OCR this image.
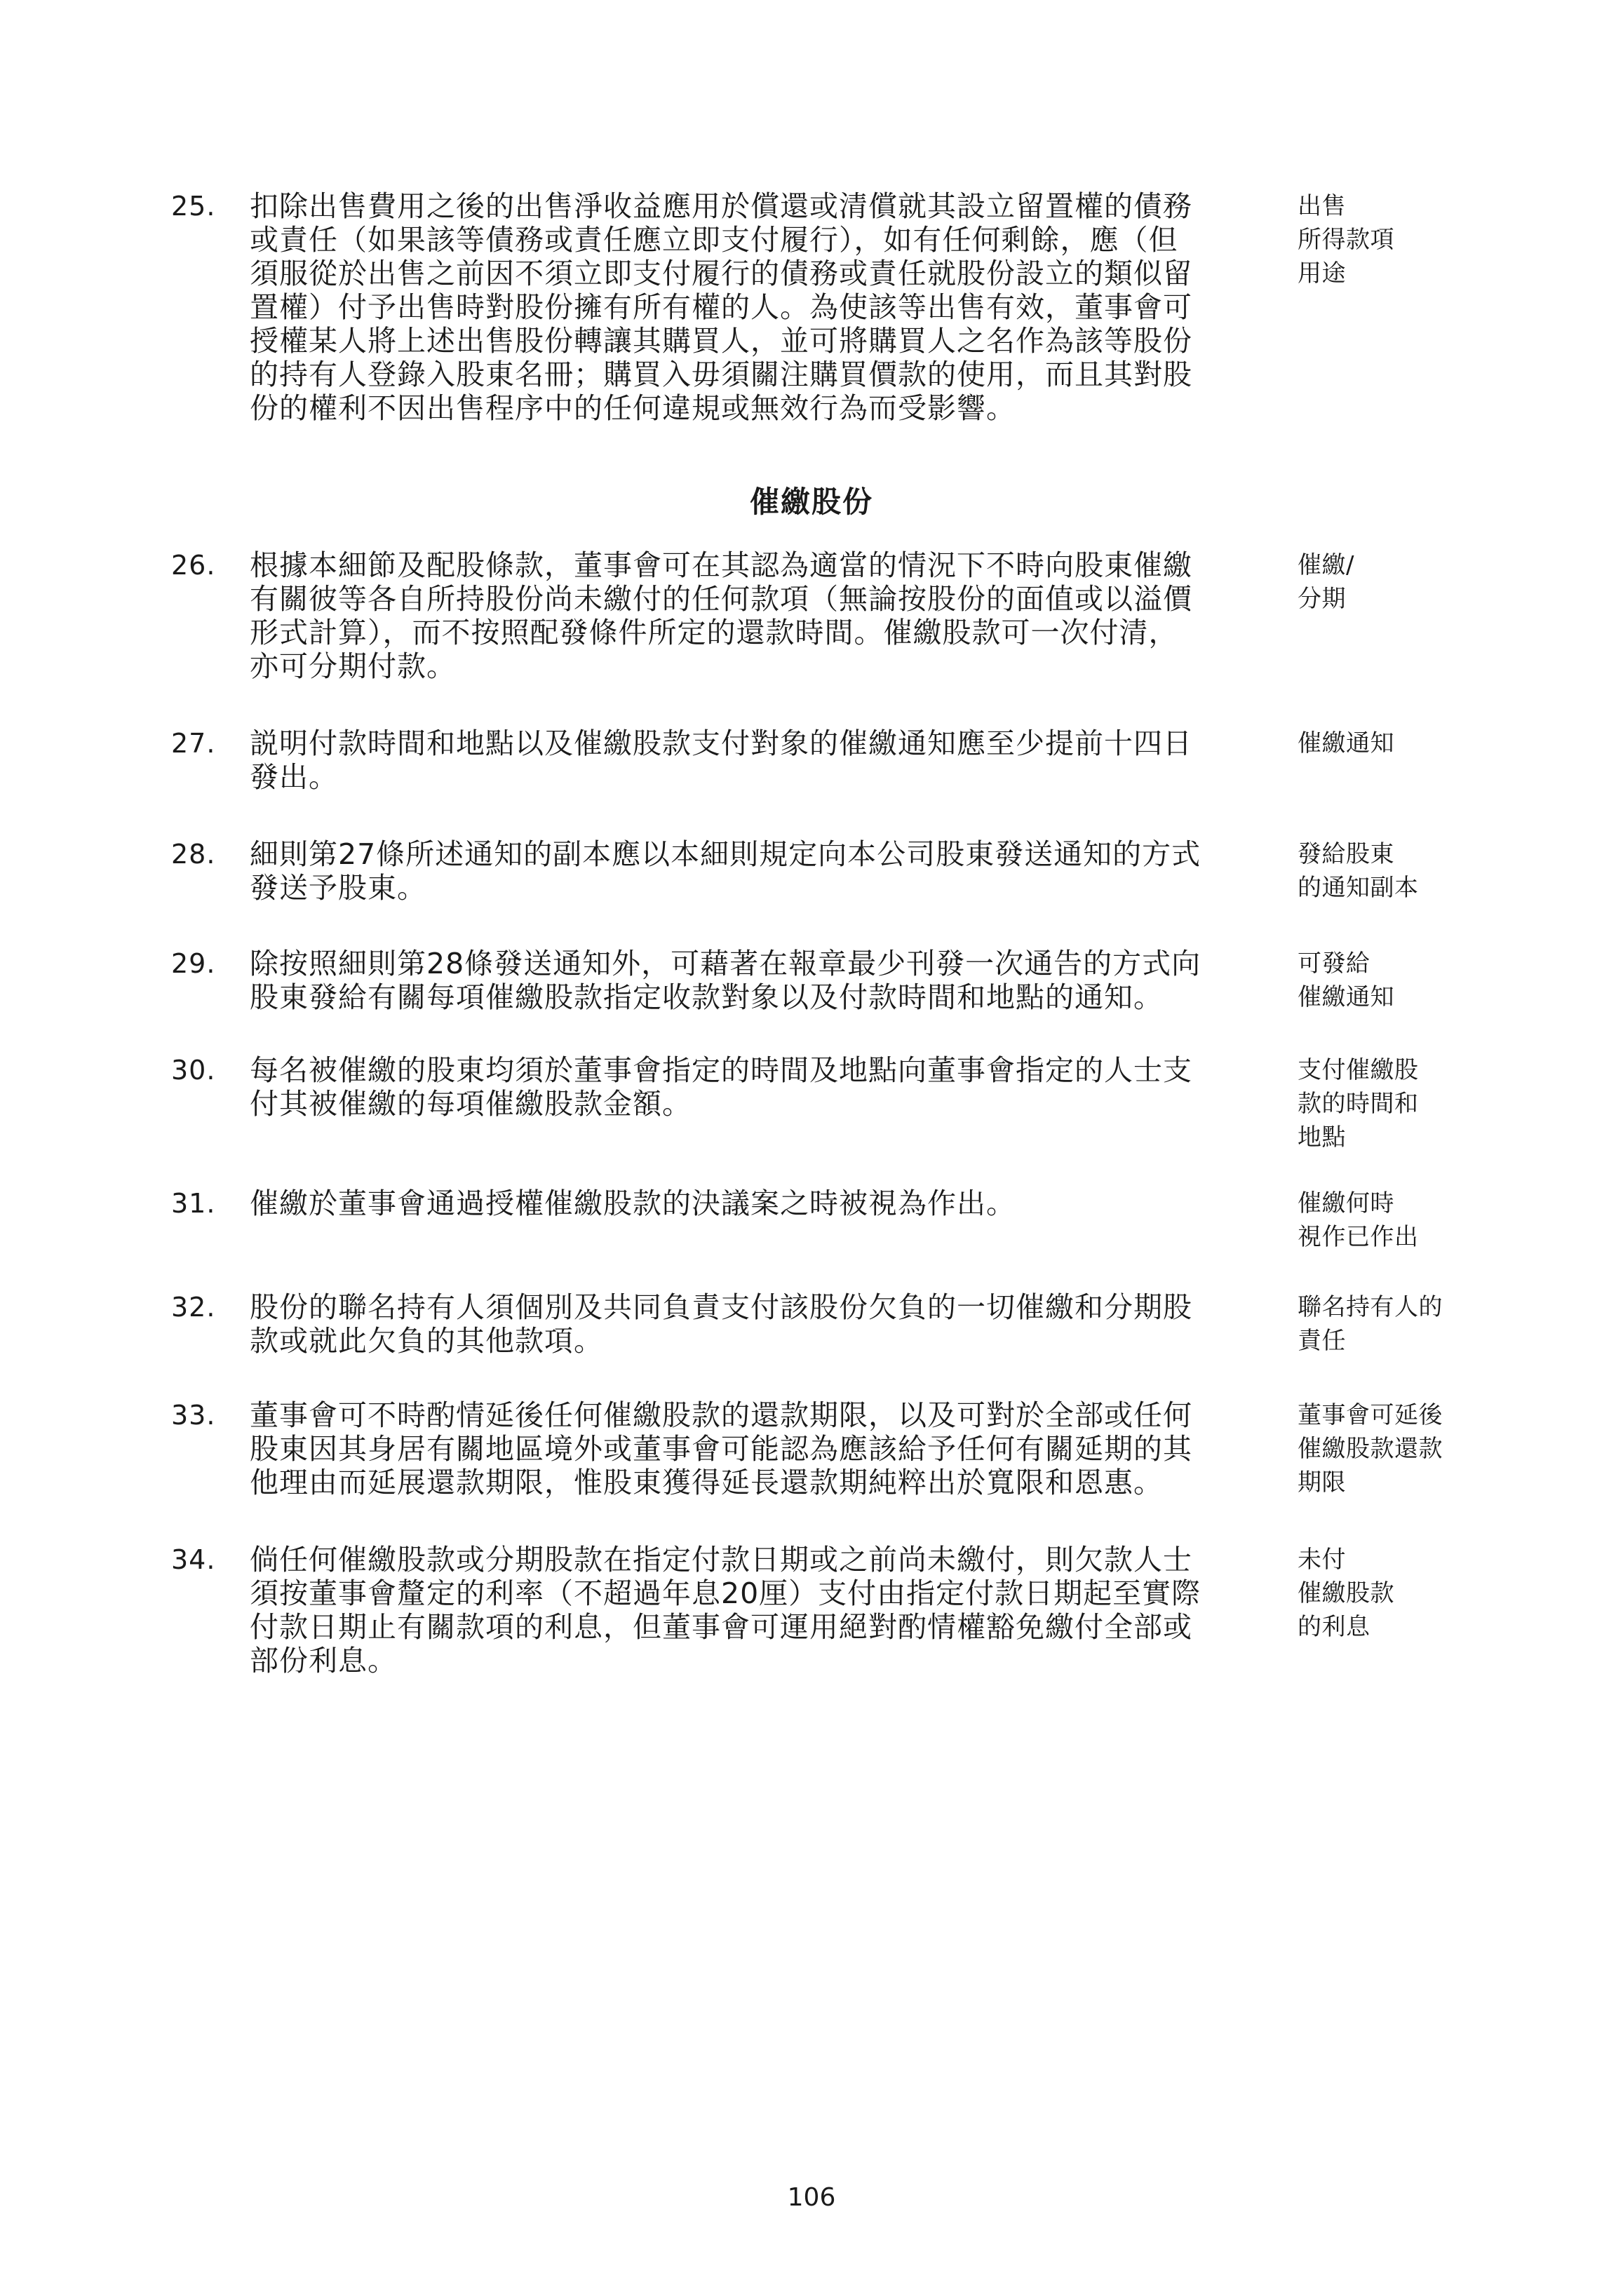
25. 扣除出售費用之後的出售淨收益應用於償還或清償就其設立留置權的債務
或責任（如果該等債務或責任應立即支付履行），如有任何剩餘，應（但
須服從於出售之前因不須立即支付履行的債務或責任就股份設立的類似留
置權）付予出售時對股份擁有所有權的人。為使該等出售有效，董事會可
授權某人將上述出售股份轉讓其購買人，並可將購買人之名作為該等股份
的持有人登錄入股東名冊；購買入毋須關注購買價款的使用，而且其對股
份的權利不因出售程序中的任何違規或無效行為而受影響。
出售
所得款項
用途
催繳股份
26. 根據本細節及配股條款，董事會可在其認為適當的情況下不時向股東催繳
有關彼等各自所持股份尚未繳付的任何款項（無論按股份的面值或以溢價
形式計算），而不按照配發條件所定的還款時間。催繳股款可一次付清，
亦可分期付款。
催繳/
分期
27. 説明付款時間和地點以及催繳股款支付對象的催繳通知應至少提前十四日
發出。
催繳通知
28. 細則第27條所述通知的副本應以本細則規定向本公司股東發送通知的方式
發送予股東。
發給股東
的通知副本
29. 除按照細則第28條發送通知外，可藉著在報章最少刊發一次通告的方式向
股東發給有關每項催繳股款指定收款對象以及付款時間和地點的通知。
可發給
催繳通知
30. 每名被催繳的股東均須於董事會指定的時間及地點向董事會指定的人士支
付其被催繳的每項催繳股款金額。
支付催繳股
款的時間和
地點
31. 催繳於董事會通過授權催繳股款的決議案之時被視為作出。	催繳何時
視作已作出
32. 股份的聯名持有人須個別及共同負責支付該股份欠負的一切催繳和分期股
款或就此欠負的其他款項。
聯名持有人的
責任
33. 董事會可不時酌情延後任何催繳股款的還款期限，以及可對於全部或任何
股東因其身居有關地區境外或董事會可能認為應該給予任何有關延期的其
他理由而延展還款期限，惟股東獲得延長還款期純粹出於寬限和恩惠。
董事會可延後
催繳股款還款
期限
34. 倘任何催繳股款或分期股款在指定付款日期或之前尚未繳付，則欠款人士
須按董事會釐定的利率（不超過年息20厘）支付由指定付款日期起至實際
付款日期止有關款項的利息，但董事會可運用絕對酌情權豁免繳付全部或
部份利息。
未付
催繳股款
的利息
106
